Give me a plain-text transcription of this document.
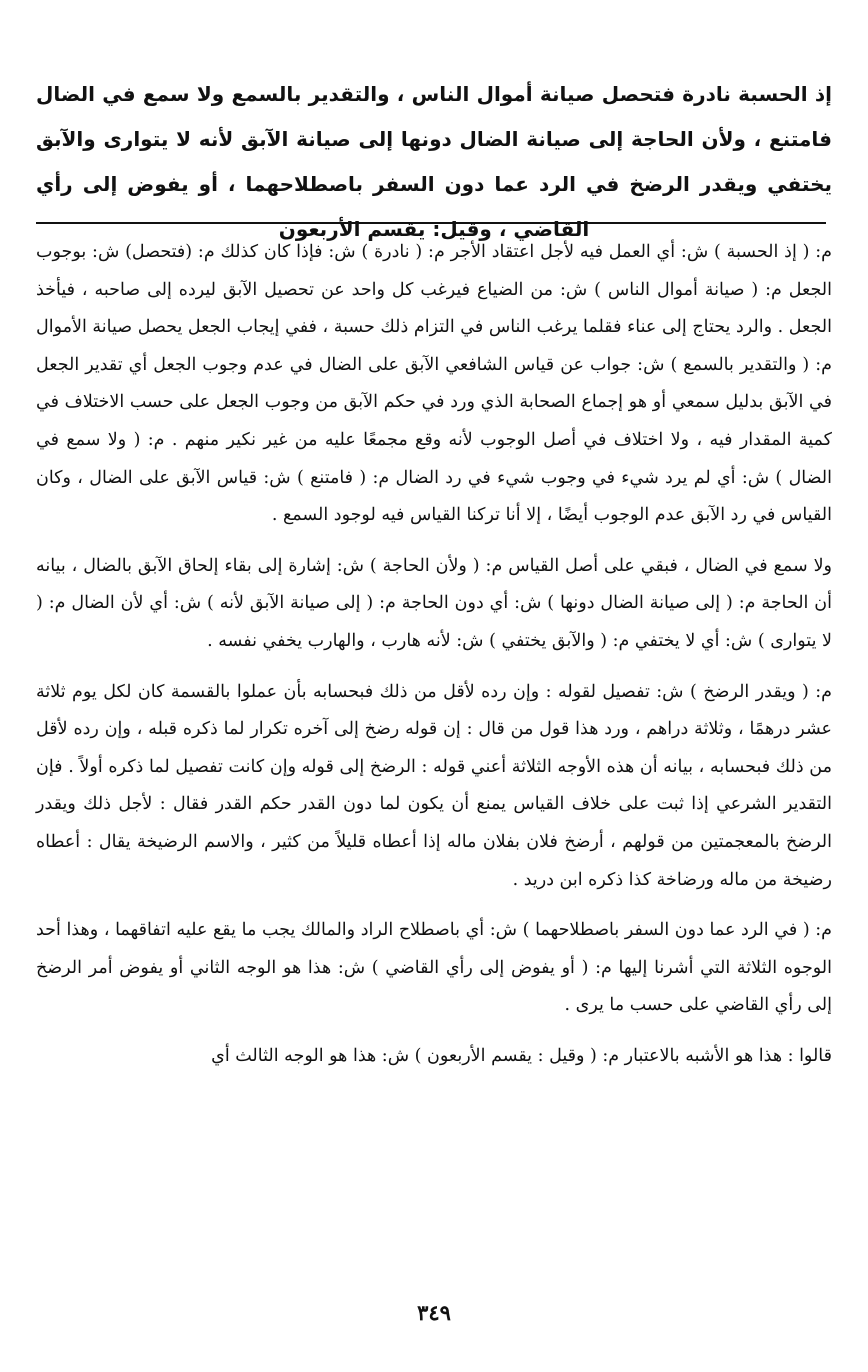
إذ الحسبة نادرة فتحصل صيانة أموال الناس ، والتقدير بالسمع ولا سمع في الضال فامتنع ، ولأن الحاجة إلى صيانة الضال دونها إلى صيانة الآبق لأنه لا يتوارى والآبق يختفي ويقدر الرضخ في الرد عما دون السفر باصطلاحهما ، أو يفوض إلى رأي القاضي ، وقيل: يقسم الأربعون

م: ( إذ الحسبة ) ش: أي العمل فيه لأجل اعتقاد الأجر م: ( نادرة ) ش: فإذا كان كذلك م: (فتحصل) ش: بوجوب الجعل م: ( صيانة أموال الناس ) ش: من الضياع فيرغب كل واحد عن تحصيل الآبق ليرده إلى صاحبه ، فيأخذ الجعل . والرد يحتاج إلى عناء فقلما يرغب الناس في التزام ذلك حسبة ، ففي إيجاب الجعل يحصل صيانة الأموال م: ( والتقدير بالسمع ) ش: جواب عن قياس الشافعي الآبق على الضال في عدم وجوب الجعل أي تقدير الجعل في الآبق بدليل سمعي أو هو إجماع الصحابة الذي ورد في حكم الآبق من وجوب الجعل على حسب الاختلاف في كمية المقدار فيه ، ولا اختلاف في أصل الوجوب لأنه وقع مجمعًا عليه من غير نكير منهم . م: ( ولا سمع في الضال ) ش: أي لم يرد شيء في وجوب شيء في رد الضال م: ( فامتنع ) ش: قياس الآبق على الضال ، وكان القياس في رد الآبق عدم الوجوب أيضًا ، إلا أنا تركنا القياس فيه لوجود السمع .

ولا سمع في الضال ، فبقي على أصل القياس م: ( ولأن الحاجة ) ش: إشارة إلى بقاء إلحاق الآبق بالضال ، بيانه أن الحاجة م: ( إلى صيانة الضال دونها ) ش: أي دون الحاجة م: ( إلى صيانة الآبق لأنه ) ش: أي لأن الضال م: ( لا يتوارى ) ش: أي لا يختفي م: ( والآبق يختفي ) ش: لأنه هارب ، والهارب يخفي نفسه .

م: ( ويقدر الرضخ ) ش: تفصيل لقوله : وإن رده لأقل من ذلك فبحسابه بأن عملوا بالقسمة كان لكل يوم ثلاثة عشر درهمًا ، وثلاثة دراهم ، ورد هذا قول من قال : إن قوله رضخ إلى آخره تكرار لما ذكره قبله ، وإن رده لأقل من ذلك فبحسابه ، بيانه أن هذه الأوجه الثلاثة أعني قوله : الرضخ إلى قوله وإن كانت تفصيل لما ذكره أولاً . فإن التقدير الشرعي إذا ثبت على خلاف القياس يمنع أن يكون لما دون القدر حكم القدر فقال : لأجل ذلك ويقدر الرضخ بالمعجمتين من قولهم ، أرضخ فلان بفلان ماله إذا أعطاه قليلاً من كثير ، والاسم الرضيخة يقال : أعطاه رضيخة من ماله ورضاخة كذا ذكره ابن دريد .

م: ( في الرد عما دون السفر باصطلاحهما ) ش: أي باصطلاح الراد والمالك يجب ما يقع عليه اتفاقهما ، وهذا أحد الوجوه الثلاثة التي أشرنا إليها م: ( أو يفوض إلى رأي القاضي ) ش: هذا هو الوجه الثاني أو يفوض أمر الرضخ إلى رأي القاضي على حسب ما يرى .

قالوا : هذا هو الأشبه بالاعتبار م: ( وقيل : يقسم الأربعون ) ش: هذا هو الوجه الثالث أي

٣٤٩
